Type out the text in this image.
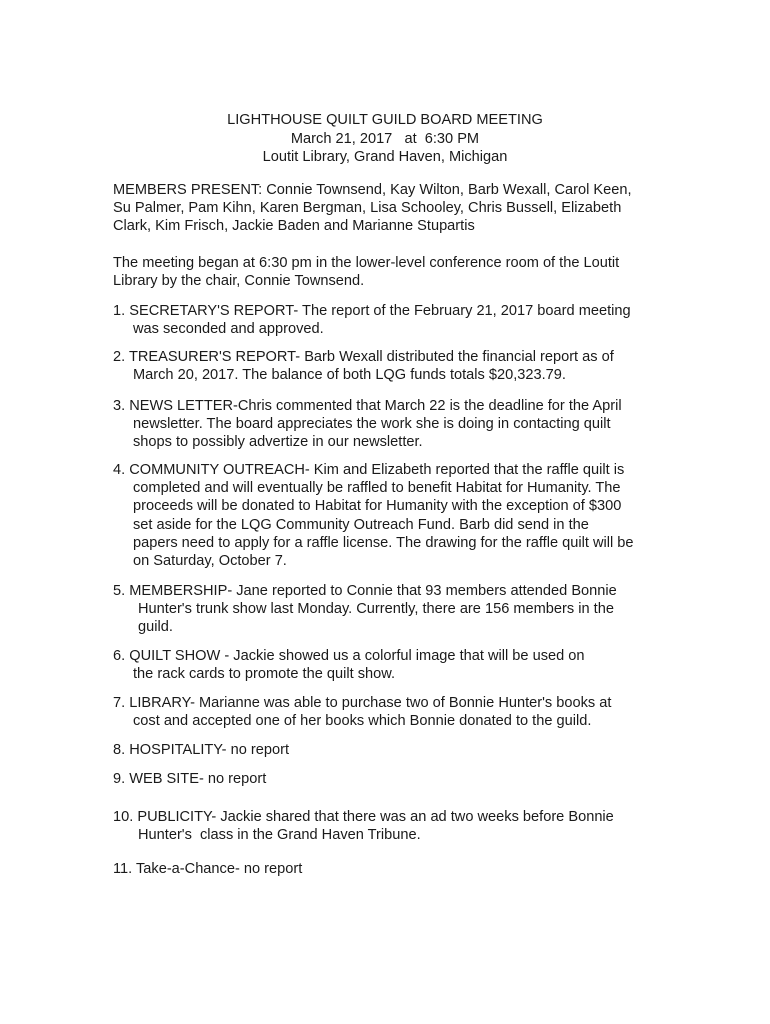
LIGHTHOUSE QUILT GUILD BOARD MEETING
March 21, 2017   at  6:30 PM
Loutit Library, Grand Haven, Michigan
MEMBERS PRESENT: Connie Townsend, Kay Wilton, Barb Wexall, Carol Keen,
Su Palmer, Pam Kihn, Karen Bergman, Lisa Schooley, Chris Bussell, Elizabeth
Clark, Kim Frisch, Jackie Baden and Marianne Stupartis
The meeting began at 6:30 pm in the lower-level conference room of the Loutit
Library by the chair, Connie Townsend.
1. SECRETARY'S REPORT- The report of the February 21, 2017 board meeting
was seconded and approved.
2. TREASURER'S REPORT- Barb Wexall distributed the financial report as of
March 20, 2017. The balance of both LQG funds totals $20,323.79.
3. NEWS LETTER-Chris commented that March 22 is the deadline for the April
newsletter. The board appreciates the work she is doing in contacting quilt
shops to possibly advertize in our newsletter.
4. COMMUNITY OUTREACH- Kim and Elizabeth reported that the raffle quilt is
completed and will eventually be raffled to benefit Habitat for Humanity. The
proceeds will be donated to Habitat for Humanity with the exception of $300
set aside for the LQG Community Outreach Fund. Barb did send in the
papers need to apply for a raffle license. The drawing for the raffle quilt will be
on Saturday, October 7.
5. MEMBERSHIP- Jane reported to Connie that 93 members attended Bonnie
Hunter's trunk show last Monday. Currently, there are 156 members in the
guild.
6. QUILT SHOW - Jackie showed us a colorful image that will be used on
the rack cards to promote the quilt show.
7. LIBRARY- Marianne was able to purchase two of Bonnie Hunter's books at
cost and accepted one of her books which Bonnie donated to the guild.
8. HOSPITALITY- no report
9. WEB SITE- no report
10. PUBLICITY- Jackie shared that there was an ad two weeks before Bonnie
Hunter's  class in the Grand Haven Tribune.
11. Take-a-Chance- no report
